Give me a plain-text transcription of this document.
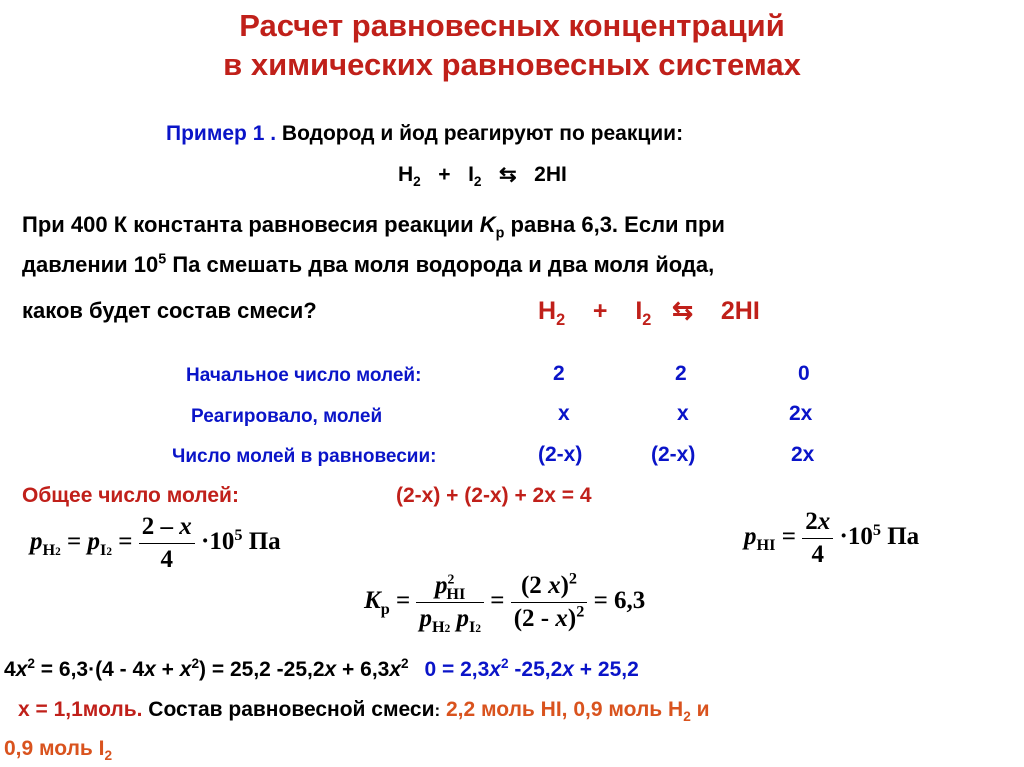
Расчет равновесных концентраций
в химических равновесных системах
Пример 1 . Водород и йод реагируют по реакции:
$H_2 + I_2$ ⇆ 2HI
При 400 К константа равновесия реакции $K_p$ равна 6,3. Если при
давлении $10^5$ Па смешать два моля водорода и два моля йода,
каков будет состав смеси?	$H_2 + I_2$ ⇆ 2HI
Начальное число молей:	2	2	0
Реагировало, молей	x	x	2x
Число молей в равновесии:	(2-x)	(2-x)	2x
Общее число молей:	(2-x) + (2-x) + 2x = 4
$p_{H2} = p_{I2} = \frac{2 - x}{4} \cdot 10^5$ Па	$p_{HI} = \frac{2x}{4} \cdot 10^5$ Па
$K_р = \frac{p^2_{HI}}{p_{H2} p_{I2}} = \frac{(2 x)^2}{(2 - x)^2} = 6,3$
$4x^2 = 6,3\cdot(4 - 4x + x^2) = 25,2$ $-25,2x + 6,3x^2$ $0 = 2,3x^2$ -25,2x + 25,2
x = 1,1моль. Состав равновесной смеси: 2,2 моль HI, 0,9 моль $H_2$ и
0,9 моль $I_2$
